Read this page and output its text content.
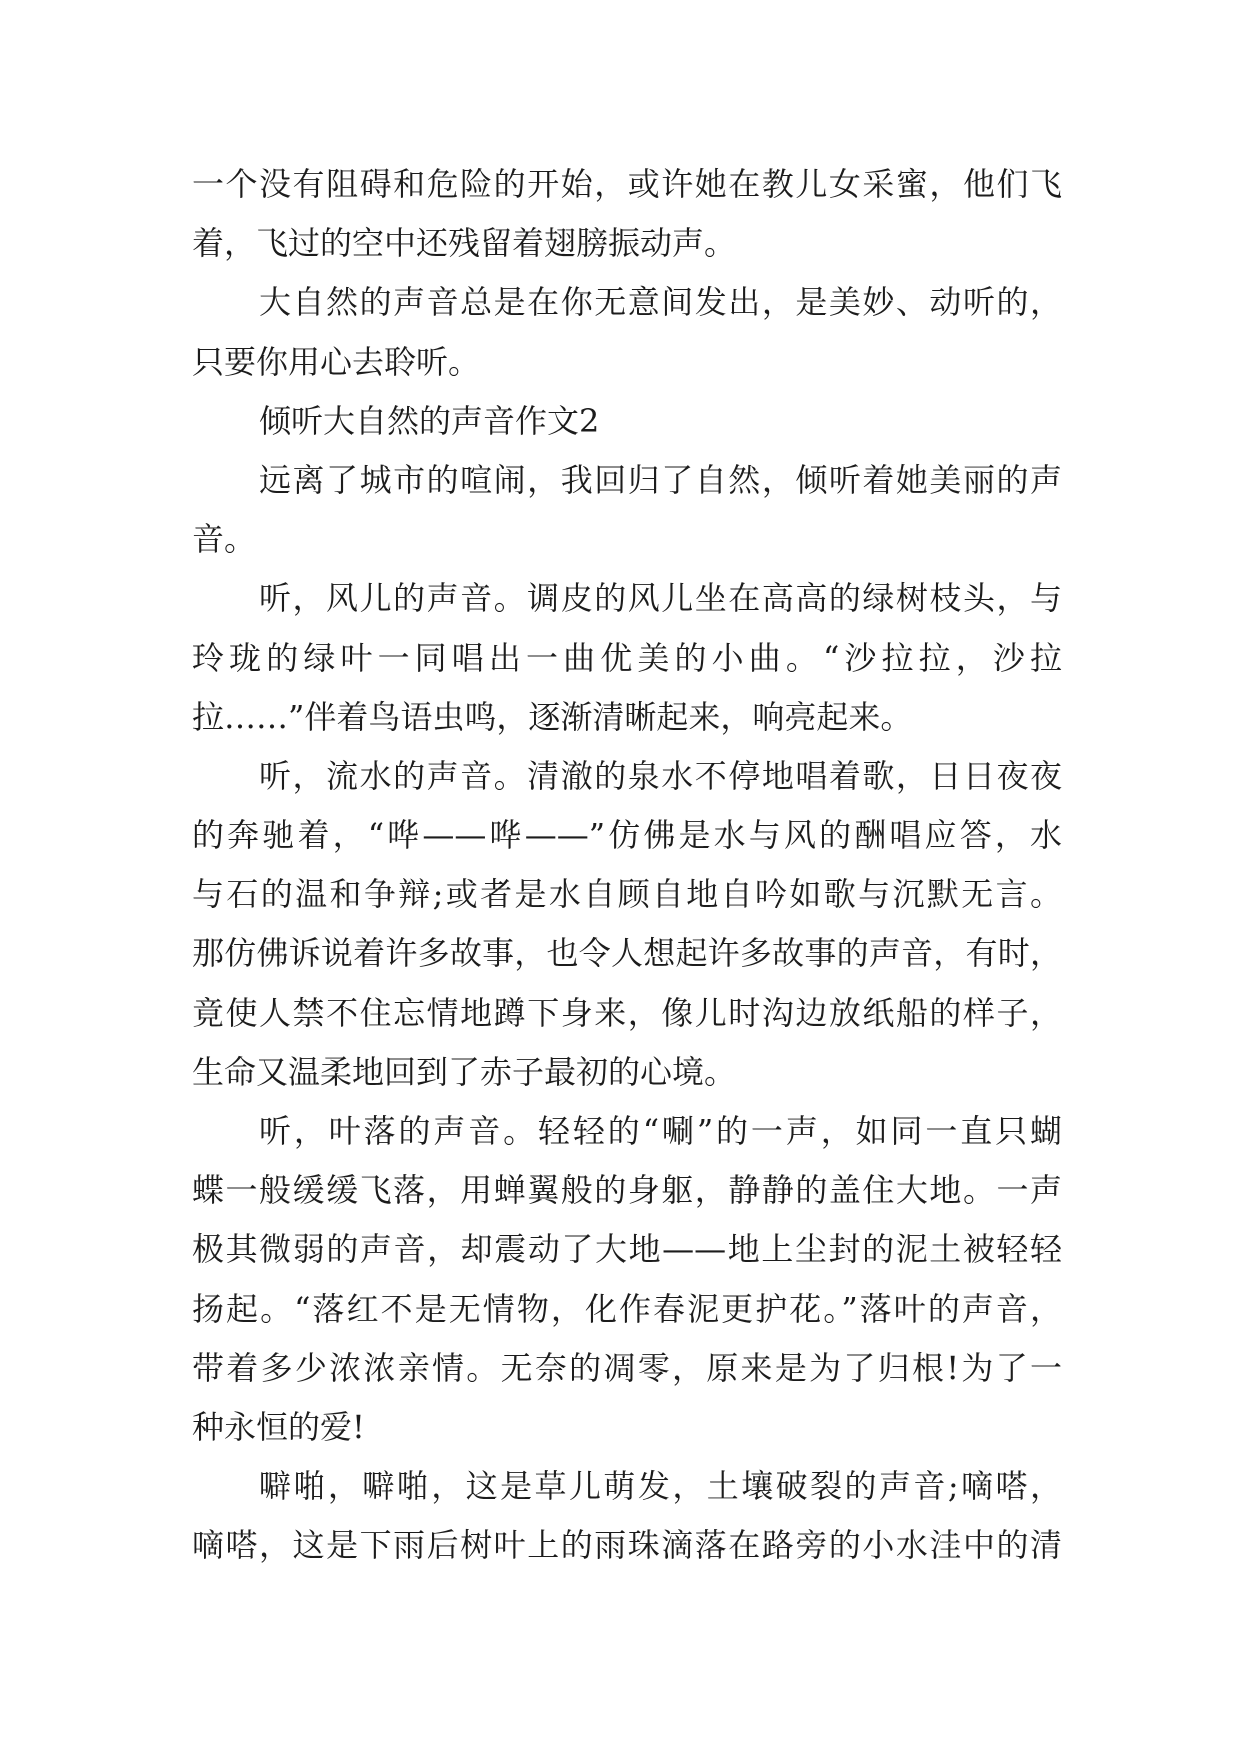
一个没有阻碍和危险的开始，或许她在教儿女采蜜，他们飞
着，飞过的空中还残留着翅膀振动声。
大自然的声音总是在你无意间发出，是美妙、动听的，
只要你用心去聆听。
倾听大自然的声音作文2
远离了城市的喧闹，我回归了自然，倾听着她美丽的声
音。
听，风儿的声音。调皮的风儿坐在高高的绿树枝头，与
玲珑的绿叶一同唱出一曲优美的小曲。“沙拉拉，沙拉
拉……”伴着鸟语虫鸣，逐渐清晰起来，响亮起来。
听，流水的声音。清澈的泉水不停地唱着歌，日日夜夜
的奔驰着，“哗——哗——”仿佛是水与风的酬唱应答，水
与石的温和争辩;或者是水自顾自地自吟如歌与沉默无言。
那仿佛诉说着许多故事，也令人想起许多故事的声音，有时，
竟使人禁不住忘情地蹲下身来，像儿时沟边放纸船的样子，
生命又温柔地回到了赤子最初的心境。
听，叶落的声音。轻轻的“唰”的一声，如同一直只蝴
蝶一般缓缓飞落，用蝉翼般的身躯，静静的盖住大地。一声
极其微弱的声音，却震动了大地——地上尘封的泥土被轻轻
扬起。“落红不是无情物，化作春泥更护花。”落叶的声音，
带着多少浓浓亲情。无奈的凋零，原来是为了归根!为了一
种永恒的爱!
噼啪，噼啪，这是草儿萌发，土壤破裂的声音;嘀嗒，
嘀嗒，这是下雨后树叶上的雨珠滴落在路旁的小水洼中的清
